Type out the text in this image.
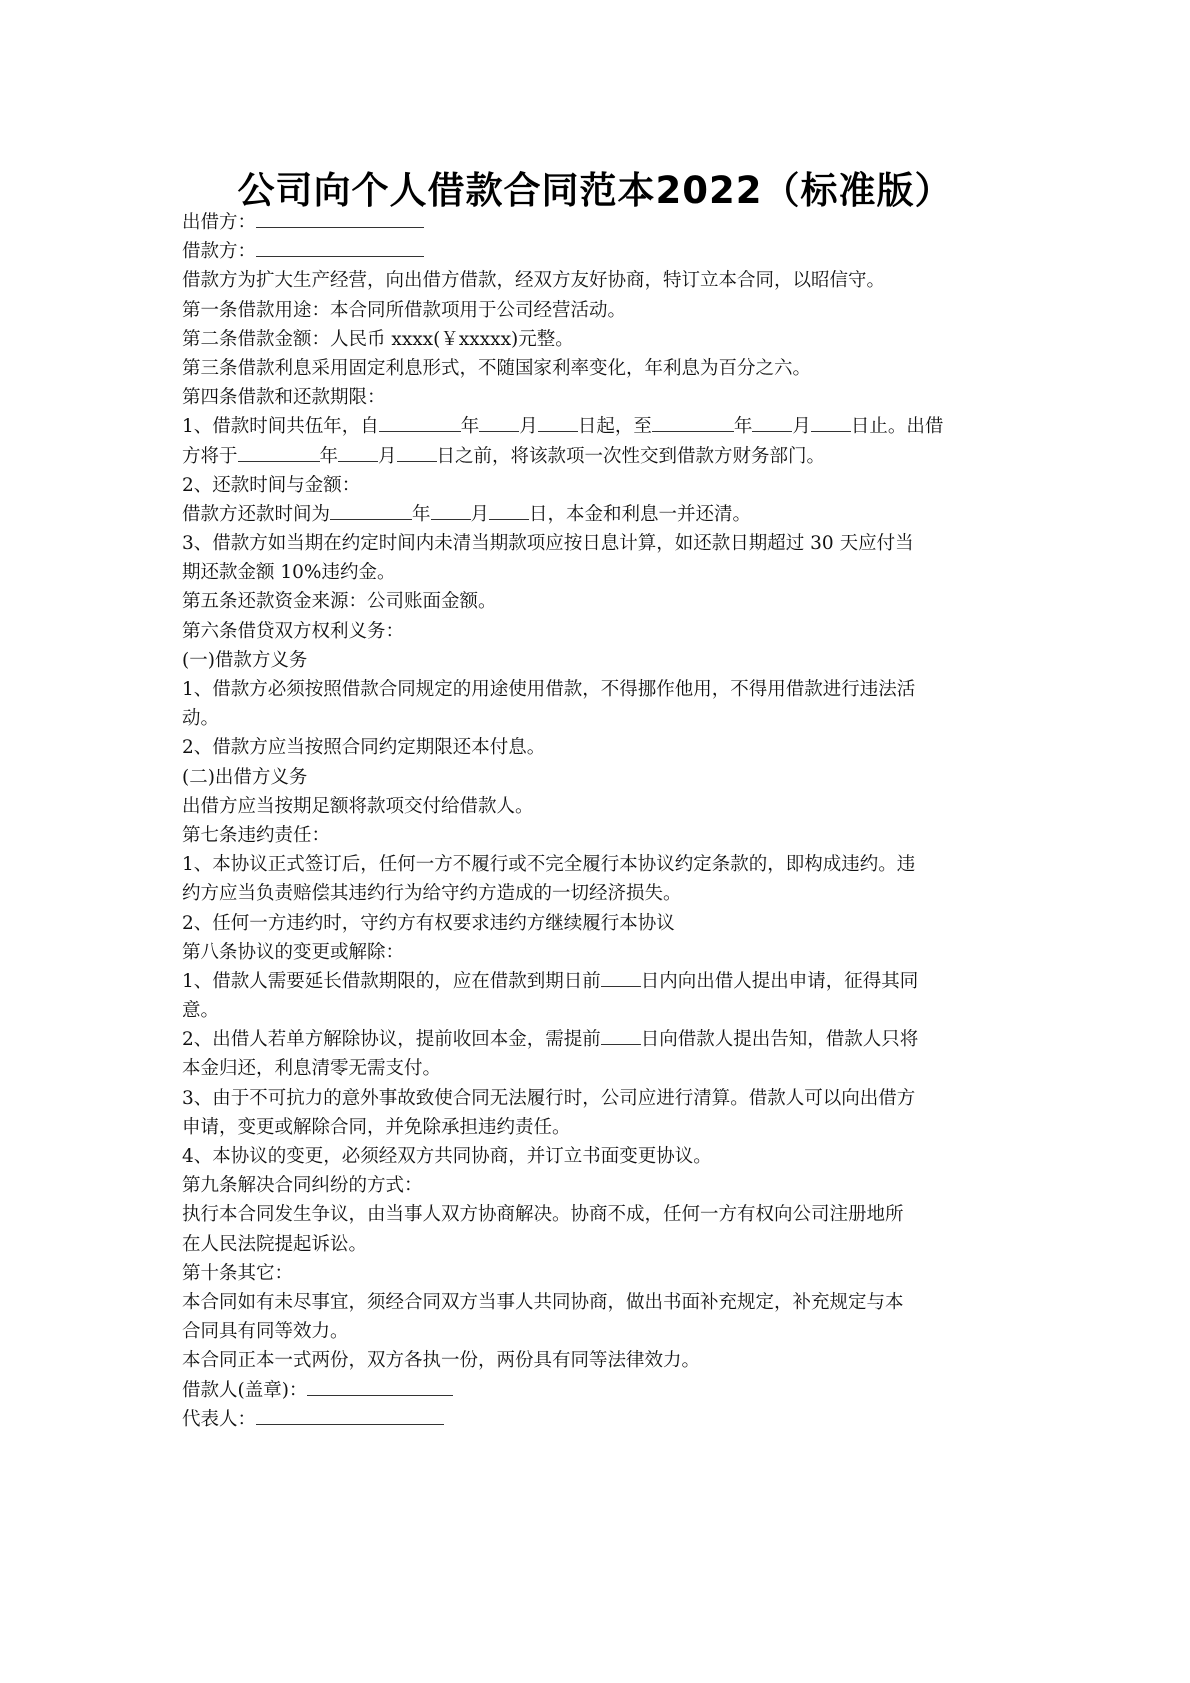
公司向个人借款合同范本2022（标准版）
出借方：
借款方：
借款方为扩大生产经营，向出借方借款，经双方友好协商，特订立本合同，以昭信守。
第一条借款用途：本合同所借款项用于公司经营活动。
第二条借款金额：人民币 xxxx(￥xxxxx)元整。
第三条借款利息采用固定利息形式，不随国家利率变化，年利息为百分之六。
第四条借款和还款期限：
1、借款时间共伍年，自	年 月 日起，至	年 月 日止。出借
方将于	年 月 日之前，将该款项一次性交到借款方财务部门。
2、还款时间与金额：
借款方还款时间为	年 月 日，本金和利息一并还清。
3、借款方如当期在约定时间内未清当期款项应按日息计算，如还款日期超过 30 天应付当
期还款金额 10%违约金。
第五条还款资金来源：公司账面金额。
第六条借贷双方权利义务：
(一)借款方义务
1、借款方必须按照借款合同规定的用途使用借款，不得挪作他用，不得用借款进行违法活
动。
2、借款方应当按照合同约定期限还本付息。
(二)出借方义务
出借方应当按期足额将款项交付给借款人。
第七条违约责任：
1、本协议正式签订后，任何一方不履行或不完全履行本协议约定条款的，即构成违约。违
约方应当负责赔偿其违约行为给守约方造成的一切经济损失。
2、任何一方违约时，守约方有权要求违约方继续履行本协议
第八条协议的变更或解除：
1、借款人需要延长借款期限的，应在借款到期日前 日内向出借人提出申请，征得其同
意。
2、出借人若单方解除协议，提前收回本金，需提前 日向借款人提出告知，借款人只将
本金归还，利息清零无需支付。
3、由于不可抗力的意外事故致使合同无法履行时，公司应进行清算。借款人可以向出借方
申请，变更或解除合同，并免除承担违约责任。
4、本协议的变更，必须经双方共同协商，并订立书面变更协议。
第九条解决合同纠纷的方式：
执行本合同发生争议，由当事人双方协商解决。协商不成，任何一方有权向公司注册地所
在人民法院提起诉讼。
第十条其它：
本合同如有未尽事宜，须经合同双方当事人共同协商，做出书面补充规定，补充规定与本
合同具有同等效力。
本合同正本一式两份，双方各执一份，两份具有同等法律效力。
借款人(盖章)：
代表人：
